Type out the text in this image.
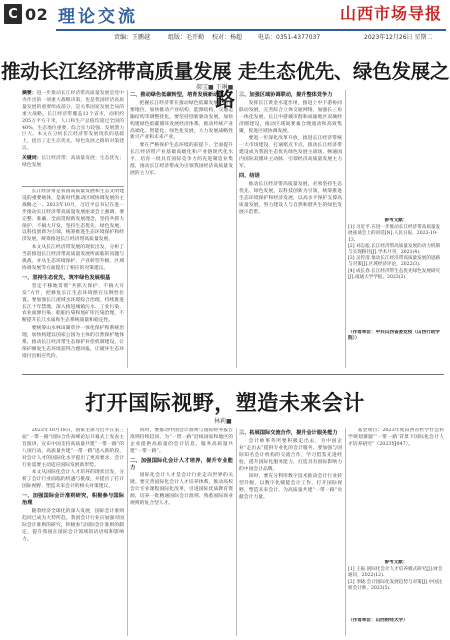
C 02 理论交流	山西市场导报
责编：王鹏越	组版：毛开勤 校对：杨超	电话：0351-4377037	2023年12月26日 星期二
推动长江经济带高质量发展 走生态优先、绿色发展之路
郝宝■ 王琳■
摘要：进一步推动长江经济带高质量发展是党中央作出的一项重大战略决策，也是我国经济高质量发展的重要组成部分，是关系国家发展全局的重大战略。长江经济带覆盖11个省市，面积约205万平方千米，人口和生产总值均超过全国的40%，生态地位重要、综合实力较强、发展潜力巨大。本文在分析长江经济带发展现状的基础上，提出了走生态优先、绿色发展之路的对策建议。
关键词：长江经济带；高质量发展；生态优先；绿色发展

长江经济带是我国高质量发展和生态文明建设的重要载体，是新时代推动区域协调发展的主战略之一。2023年10月，习近平总书记在进一步推动长江经济带高质量发展座谈会上强调，要完整、准确、全面贯彻新发展理念，坚持共抓大保护、不搞大开发，坚持生态优先、绿色发展，以科技创新为引领，统筹推进生态环境保护和经济发展，统筹推进长江经济带高质量发展。

本文从长江经济带发展的现状出发，分析了当前推进长江经济带高质量发展所面临的问题与挑战，并从生态环境保护、产业转型升级、区域协调发展等方面提出了相应的对策建议。

一、坚持生态优先，筑牢绿色发展根基

坚定不移地贯彻“共抓大保护、不搞大开发”方针，把修复长江生态环境摆在压倒性位置。要加强长江流域水环境综合治理，持续推进长江十年禁渔，深入推进城镇污水、工业污染、农业面源污染、船舶污染和尾矿库污染治理，不断提升长江水质和生态系统质量和稳定性。

要统筹山水林田湖草沙一体化保护和系统治理，加快构建以国家公园为主体的自然保护地体系，推动长江经济带生态保护补偿机制建设，让保护修复生态环境获得合理回报，让破坏生态环境付出相应代价。

二、推动绿色低碳转型，培育发展新动能

把握长江经济带在推动绿色低碳发展中的重要地位，加快推动产业结构、能源结构、交通运输结构等调整优化。要坚持创新驱动发展，加快构建绿色低碳循环发展经济体系，推动传统产业高端化、智能化、绿色化发展，大力发展战略性新兴产业和未来产业。

要在严格保护生态环境的前提下，全面提升长江经济带产业基础高级化和产业链现代化水平，培育一批具有国际竞争力的先进制造业集群，推动长江经济带成为引领我国经济高质量发展的主力军。

三、加强区域协调联动，提升整体竞争力

发挥长江黄金水道作用，推进上中下游协同联动发展，完善综合立体交通网络。加强长三角一体化发展、长江中游城市群和成渝地区双城经济圈建设，推动区域间要素合理流动和高效集聚，促进区域协调发展。

要进一步深化改革开放，推进长江经济带统一大市场建设，打通堵点卡点，推动长江经济带建设成为我国生态优先绿色发展主战场、畅通国内国际双循环主动脉、引领经济高质量发展主力军。

四、结语

推动长江经济带高质量发展，必须坚持生态优先、绿色发展，以科技创新为引领，统筹推进生态环境保护和经济发展，以高水平保护支撑高质量发展，努力建设人与自然和谐共生的绿色发展示范带。

参考文献：
[1] 习近平.在进一步推动长江经济带高质量发展座谈会上的讲话[N].人民日报，2023-10-13.
[2] 刘志彪.长江经济带高质量发展的动力机制与实现路径[J].学术月刊，2021(4).
[3] 吴传清.推动长江经济带高质量发展的思路与对策[J].区域经济评论，2022(3).
[4] 成长春.长江经济带生态优先绿色发展研究[J].南通大学学报，2023(2).
（作者单位：中共山西省委党校（山西行政学院））
打开国际视野，塑造未来会计
林莉■

2023年10月18日，国家主席习近平在第三届“一带一路”国际合作高峰论坛开幕式上发表主旨演讲，宣布中国支持高质量共建“一带一路”的八项行动。高质量共建“一带一路”进入新阶段，对会计人才的国际化水平提出了更高要求，会计行业需要主动适应国际发展新形势。

本文从国际化会计人才培养的现状出发，分析了会计行业面临的机遇与挑战，并提出了打开国际视野、塑造未来会计的相关对策建议。

一、加强国际会计准则研究，积极参与国际治理

随着经济全球化的深入发展，国际会计准则趋同已成为大势所趋。我国会计行业应加强对国际会计准则的研究，积极参与国际会计准则的制定，提升我国在国际会计领域的话语权和影响力。

同时，要推动中国会计准则与国际财务报告准则持续趋同，为“一带一路”沿线国家和地区的企业提供高质量的会计信息，服务高质量共建“一带一路”。

二、加强国际化会计人才培养，提升专业能力

国际化会计人才是会计行业走向世界的关键。要完善国际化会计人才培养体系，推动高校会计专业课程国际化改革，引进国际优质教育资源，培养一批精通国际会计准则、熟悉国际商业规则的复合型人才。

三、拓展国际交流合作，提升会计服务能力

会计师事务所要积极走出去，为中国企业“走出去”提供专业化的会计服务。要加强与国际知名会计机构的交流合作，学习借鉴先进经验，提升国际化服务能力，打造具有国际影响力的中国会计品牌。

同时，要充分利用数字技术推动会计行业转型升级，以数字化赋能会计工作，打开国际视野，塑造未来会计，为高质量共建“一带一路”贡献会计力量。

基金项目：2023年度山西省哲学社会科学规划课题“‘一带一路’背景下国际化会计人才培养研究”（2023YJ047）。

参考文献：
[1] 王振.国际化会计人才培养模式研究[J].财会通讯，2022(12).
[2] 李晓.会计国际化发展趋势与对策[J].中国注册会计师，2023(5).
（作者单位：山西财经大学）
